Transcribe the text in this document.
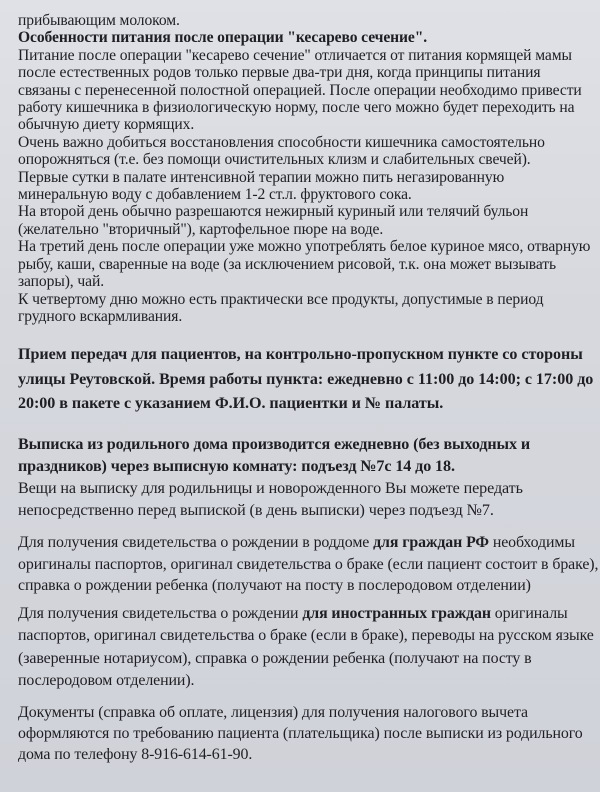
прибывающим молоком.
Особенности питания после операции "кесарево сечение".
Питание после операции "кесарево сечение" отличается от питания кормящей мамы
после естественных родов только первые два-три дня, когда принципы питания
связаны с перенесенной полостной операцией. После операции необходимо привести
работу кишечника в физиологическую норму, после чего можно будет переходить на
обычную диету кормящих.
Очень важно добиться восстановления способности кишечника самостоятельно
опорожняться (т.е. без помощи очистительных клизм и слабительных свечей).
Первые сутки в палате интенсивной терапии можно пить негазированную
минеральную воду с добавлением 1-2 ст.л. фруктового сока.
На второй день обычно разрешаются нежирный куриный или телячий бульон
(желательно "вторичный"), картофельное пюре на воде.
На третий день после операции уже можно употреблять белое куриное мясо, отварную
рыбу, каши, сваренные на воде (за исключением рисовой, т.к. она может вызывать
запоры), чай.
К четвертому дню можно есть практически все продукты, допустимые в период
грудного вскармливания.
Прием передач для пациентов, на контрольно-пропускном пункте со стороны
улицы Реутовской. Время работы пункта: ежедневно с 11:00 до 14:00; с 17:00 до
20:00 в пакете с указанием Ф.И.О. пациентки и № палаты.
Выписка из родильного дома производится ежедневно (без выходных и
праздников) через выписную комнату: подъезд №7с 14 до 18.
Вещи на выписку для родильницы и новорожденного Вы можете передать
непосредственно перед выпиской (в день выписки) через подъезд №7.
Для получения свидетельства о рождении в роддоме для граждан РФ необходимы
оригиналы паспортов, оригинал свидетельства о браке (если пациент состоит в браке),
справка о рождении ребенка (получают на посту в послеродовом отделении)
Для получения свидетельства о рождении для иностранных граждан оригиналы
паспортов, оригинал свидетельства о браке (если в браке), переводы на русском языке
(заверенные нотариусом), справка о рождении ребенка (получают на посту в
послеродовом отделении).
Документы (справка об оплате, лицензия) для получения налогового вычета
оформляются по требованию пациента (плательщика) после выписки из родильного
дома по телефону 8-916-614-61-90.
